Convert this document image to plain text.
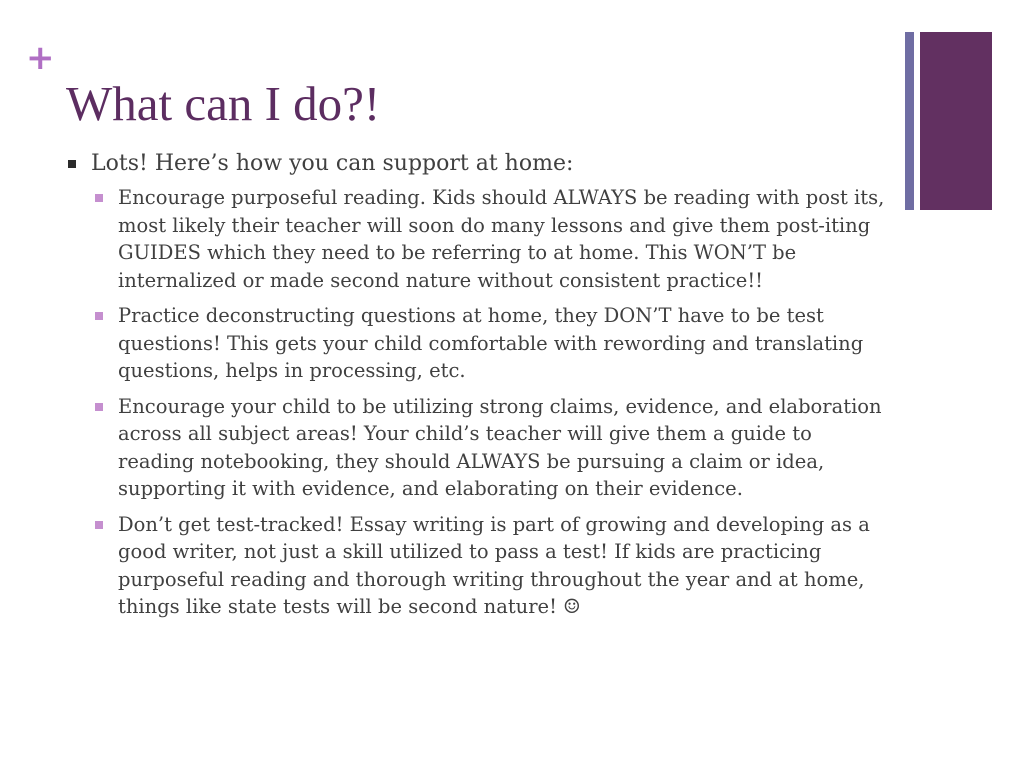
+
What can I do?!
Lots! Here’s how you can support at home:
Encourage purposeful reading. Kids should ALWAYS be reading with post its, most likely their teacher will soon do many lessons and give them post-iting GUIDES which they need to be referring to at home. This WON’T be internalized or made second nature without consistent practice!!
Practice deconstructing questions at home, they DON’T have to be test questions! This gets your child comfortable with rewording and translating questions, helps in processing, etc.
Encourage your child to be utilizing strong claims, evidence, and elaboration across all subject areas! Your child’s teacher will give them a guide to reading notebooking, they should ALWAYS be pursuing a claim or idea, supporting it with evidence, and elaborating on their evidence.
Don’t get test-tracked! Essay writing is part of growing and developing as a good writer, not just a skill utilized to pass a test! If kids are practicing purposeful reading and thorough writing throughout the year and at home, things like state tests will be second nature! ☺
